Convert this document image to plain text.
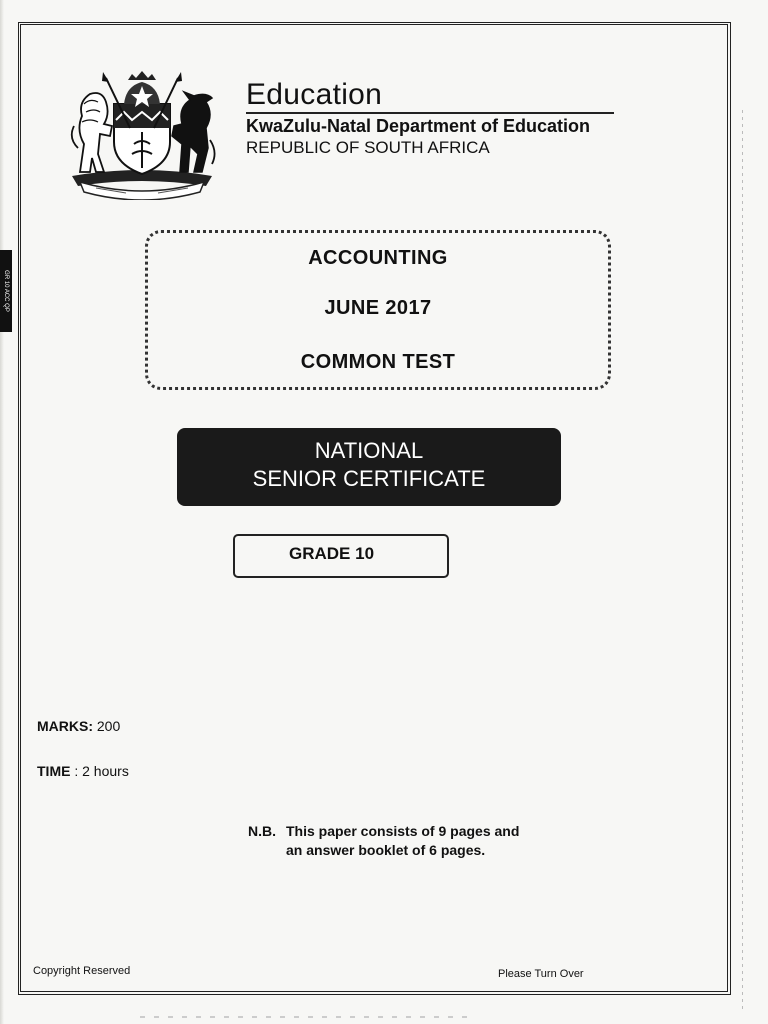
GR 10 ACC QP
Education
KwaZulu-Natal Department of Education
REPUBLIC OF SOUTH AFRICA
ACCOUNTING
JUNE 2017
COMMON TEST
NATIONAL
SENIOR CERTIFICATE
GRADE 10
MARKS: 200
TIME : 2 hours
N.B. This paper consists of 9 pages and
an answer booklet of 6 pages.
Copyright Reserved	Please Turn Over
